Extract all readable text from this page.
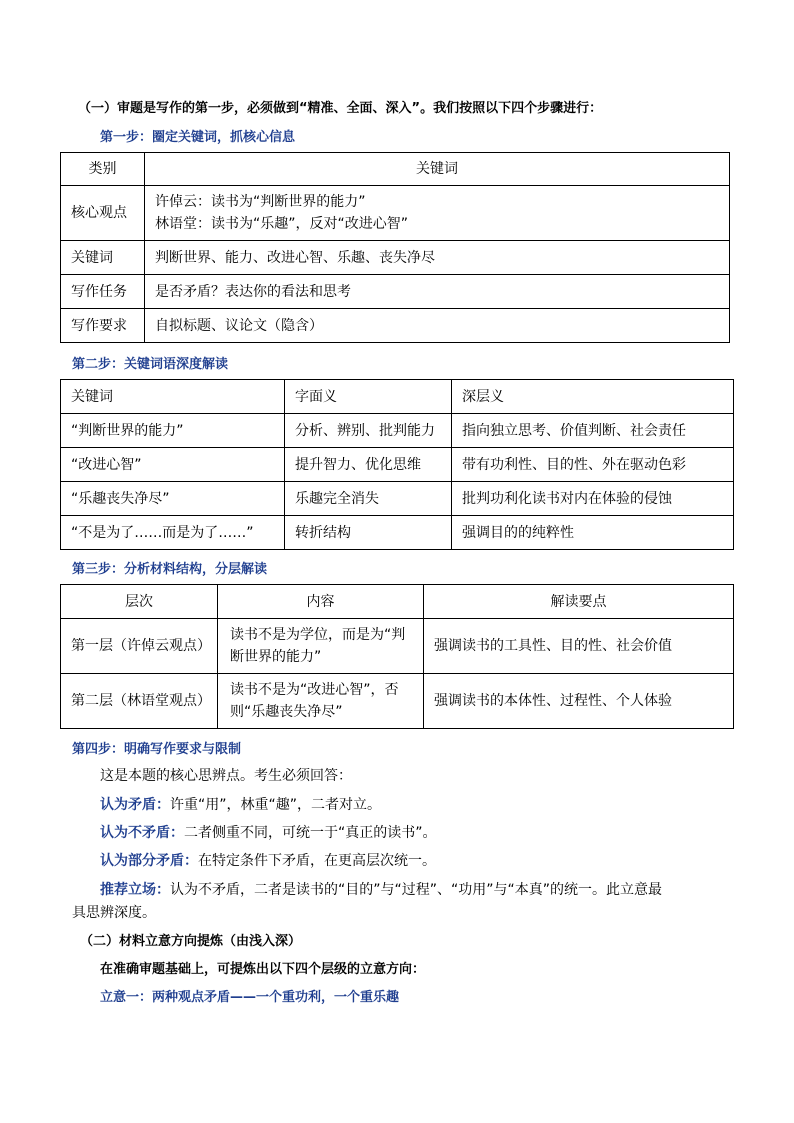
（一）审题是写作的第一步，必须做到“精准、全面、深入”。我们按照以下四个步骤进行：
第一步：圈定关键词，抓核心信息
类别	关键词
核心观点	许倬云：读书为“判断世界的能力”
林语堂：读书为“乐趣”，反对“改进心智”

关键词	判断世界、能力、改进心智、乐趣、丧失净尽
写作任务	是否矛盾？表达你的看法和思考
写作要求	自拟标题、议论文（隐含）
第二步：关键词语深度解读
关键词	字面义	深层义
“判断世界的能力”	分析、辨别、批判能力	指向独立思考、价值判断、社会责任
“改进心智”	提升智力、优化思维	带有功利性、目的性、外在驱动色彩
“乐趣丧失净尽”	乐趣完全消失	批判功利化读书对内在体验的侵蚀
“不是为了……而是为了……”	转折结构	强调目的的纯粹性
第三步：分析材料结构，分层解读
层次	内容	解读要点
第一层（许倬云观点）	读书不是为学位，而是为“判断世界的能力”	强调读书的工具性、目的性、社会价值
第二层（林语堂观点）	读书不是为“改进心智”，否则“乐趣丧失净尽”	强调读书的本体性、过程性、个人体验
第四步：明确写作要求与限制
这是本题的核心思辨点。考生必须回答：
认为矛盾：许重“用”，林重“趣”，二者对立。
认为不矛盾：二者侧重不同，可统一于“真正的读书”。
认为部分矛盾：在特定条件下矛盾，在更高层次统一。
推荐立场：认为不矛盾，二者是读书的“目的”与“过程”、“功用”与“本真”的统一。此立意最
具思辨深度。
（二）材料立意方向提炼（由浅入深）
在准确审题基础上，可提炼出以下四个层级的立意方向：
立意一：两种观点矛盾——一个重功利，一个重乐趣
